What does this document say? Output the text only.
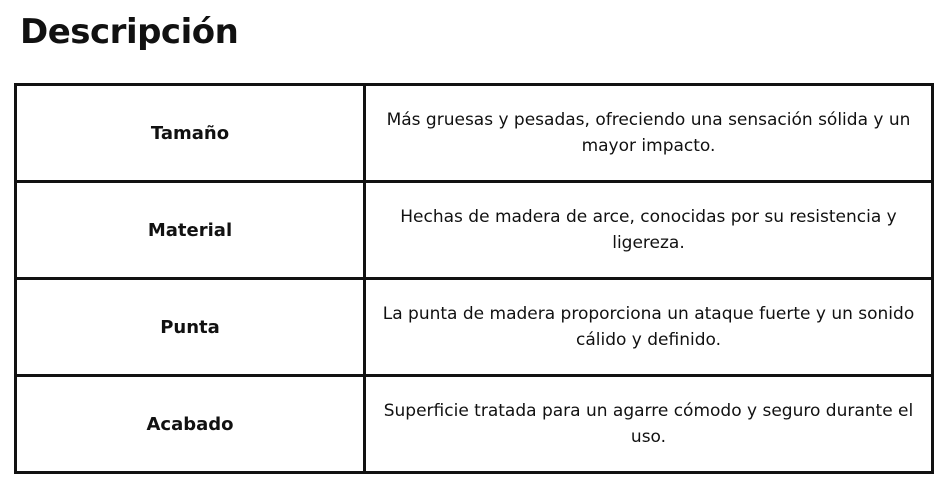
Descripción
Tamaño	Más gruesas y pesadas, ofreciendo una sensación sólida y un mayor impacto.
Material	Hechas de madera de arce, conocidas por su resistencia y ligereza.
Punta	La punta de madera proporciona un ataque fuerte y un sonido cálido y definido.
Acabado	Superficie tratada para un agarre cómodo y seguro durante el uso.
